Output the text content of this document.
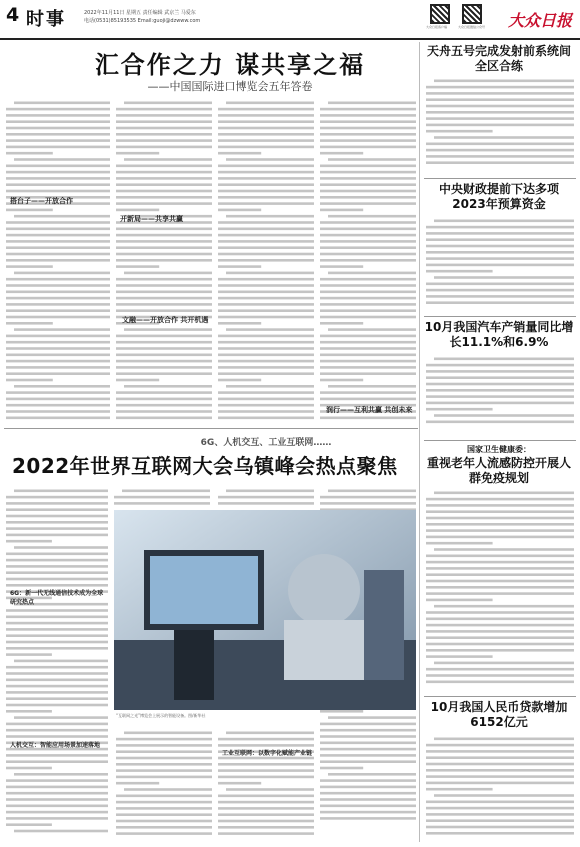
4 时事	2022年11月11日 星期五 责任编辑 武京兰 马爱东
电话(0531)85193535 Email:guoji@dzwww.com
大众日报客户端	大众日报微信公众号 大众日报
汇合作之力 谋共享之福
——中国国际进口博览会五年答卷
搭台子——开放合作
开新局——共享共赢
文融——开放合作 共开机遇
润行——互利共赢 共创未来
6G、人机交互、工业互联网……
2022年世界互联网大会乌镇峰会热点聚焦
6G：新一代无线通信技术成为全球研究热点
人机交互：智能应用场景加速落地
“互联网之光”博览会上展示的智能设备。图/新华社
工业互联网：以数字化赋能产业链
天舟五号完成发射前系统间全区合练
中央财政提前下达多项2023年预算资金
10月我国汽车产销量同比增长11.1%和6.9%
国家卫生健康委：
重视老年人流感防控开展人群免疫规划
10月我国人民币贷款增加6152亿元
